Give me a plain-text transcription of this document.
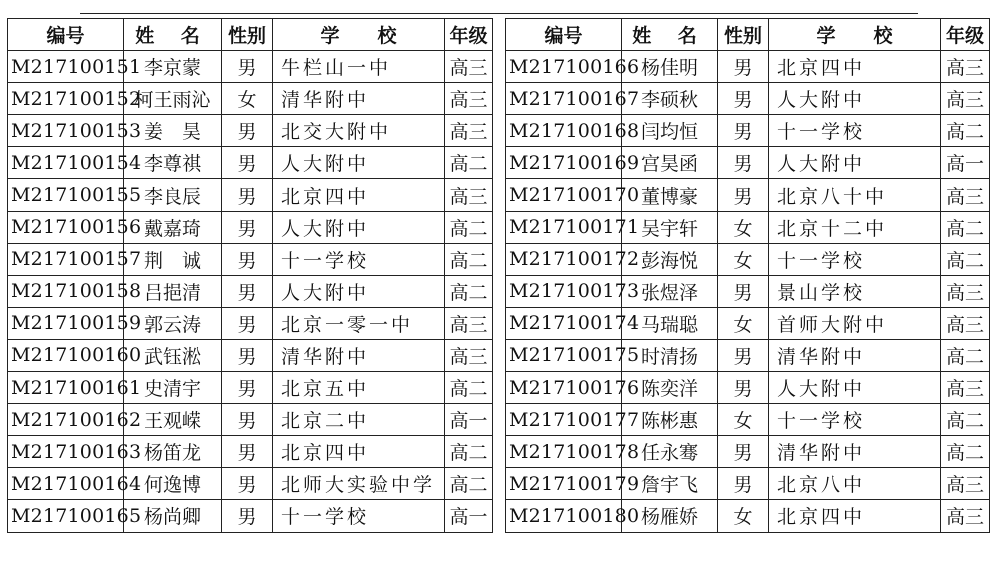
编号	姓 名	性别	学　　校	年级
M217100151	李京蒙	男	牛栏山一中	高三
M217100152	柯王雨沁	女	清华附中	高三
M217100153	姜　昊	男	北交大附中	高三
M217100154	李尊祺	男	人大附中	高二
M217100155	李良辰	男	北京四中	高三
M217100156	戴嘉琦	男	人大附中	高二
M217100157	荆　诚	男	十一学校	高二
M217100158	吕挹清	男	人大附中	高二
M217100159	郭云涛	男	北京一零一中	高三
M217100160	武钰淞	男	清华附中	高三
M217100161	史清宇	男	北京五中	高二
M217100162	王观嵘	男	北京二中	高一
M217100163	杨笛龙	男	北京四中	高二
M217100164	何逸博	男	北师大实验中学	高二
M217100165	杨尚卿	男	十一学校	高一
编号	姓 名	性别	学　　校	年级
M217100166	杨佳明	男	北京四中	高三
M217100167	李硕秋	男	人大附中	高三
M217100168	闫均恒	男	十一学校	高二
M217100169	宫昊函	男	人大附中	高一
M217100170	董博豪	男	北京八十中	高三
M217100171	吴宇轩	女	北京十二中	高二
M217100172	彭海悦	女	十一学校	高二
M217100173	张煜泽	男	景山学校	高三
M217100174	马瑞聪	女	首师大附中	高三
M217100175	时清扬	男	清华附中	高二
M217100176	陈奕洋	男	人大附中	高三
M217100177	陈彬惠	女	十一学校	高二
M217100178	任永骞	男	清华附中	高二
M217100179	詹宇飞	男	北京八中	高三
M217100180	杨雁娇	女	北京四中	高三
